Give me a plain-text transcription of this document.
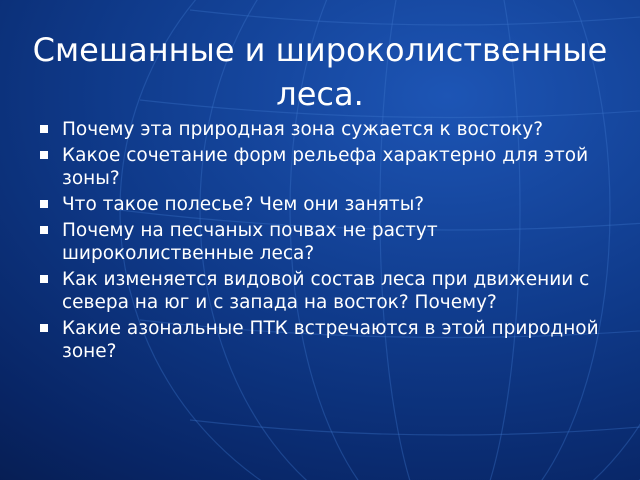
Смешанные и широколиственные леса.
Почему эта природная зона сужается к востоку?
Какое сочетание форм рельефа характерно для этой зоны?
Что такое полесье? Чем они заняты?
Почему на песчаных почвах не растут широколиственные леса?
Как изменяется видовой состав леса при движении с севера на юг и с запада на восток? Почему?
Какие азональные ПТК встречаются в этой природной зоне?
